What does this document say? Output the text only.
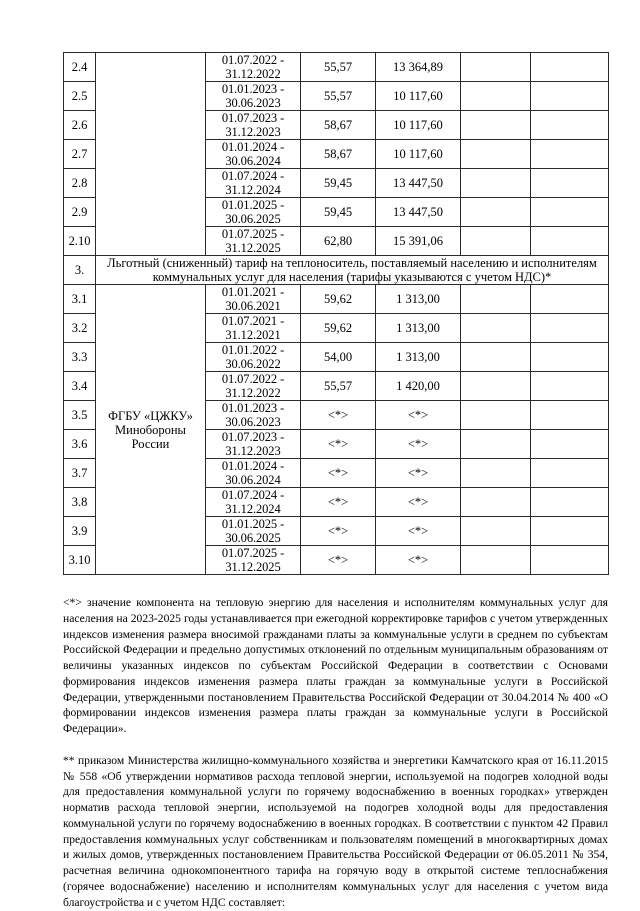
2.4		01.07.2022 -
31.12.2022	55,57	13 364,89		
2.5		01.01.2023 -
30.06.2023	55,57	10 117,60		
2.6		01.07.2023 -
31.12.2023	58,67	10 117,60		
2.7		01.01.2024 -
30.06.2024	58,67	10 117,60		
2.8		01.07.2024 -
31.12.2024	59,45	13 447,50		
2.9		01.01.2025 -
30.06.2025	59,45	13 447,50		
2.10		01.07.2025 -
31.12.2025	62,80	15 391,06		
3.	Льготный (сниженный) тариф на теплоноситель, поставляемый населению и исполнителям коммунальных услуг для населения (тарифы указываются с учетом НДС)*					
3.1	ФГБУ «ЦЖКУ» Минобороны России	01.01.2021 -
30.06.2021	59,62	1 313,00		
3.2		01.07.2021 -
31.12.2021	59,62	1 313,00		
3.3		01.01.2022 -
30.06.2022	54,00	1 313,00		
3.4		01.07.2022 -
31.12.2022	55,57	1 420,00		
3.5		01.01.2023 -
30.06.2023	<*>	<*>		
3.6		01.07.2023 -
31.12.2023	<*>	<*>		
3.7		01.01.2024 -
30.06.2024	<*>	<*>		
3.8		01.07.2024 -
31.12.2024	<*>	<*>		
3.9		01.01.2025 -
30.06.2025	<*>	<*>		
3.10		01.07.2025 -
31.12.2025	<*>	<*>		

<*> значение компонента на тепловую энергию для населения и исполнителям коммунальных услуг для населения на 2023-2025 годы устанавливается при ежегодной корректировке тарифов с учетом утвержденных индексов изменения размера вносимой гражданами платы за коммунальные услуги в среднем по субъектам Российской Федерации и предельно допустимых отклонений по отдельным муниципальным образованиям от величины указанных индексов по субъектам Российской Федерации в соответствии с Основами формирования индексов изменения размера платы граждан за коммунальные услуги в Российской Федерации, утвержденными постановлением Правительства Российской Федерации от 30.04.2014 № 400 «О формировании индексов изменения размера платы граждан за коммунальные услуги в Российской Федерации».

** приказом Министерства жилищно-коммунального хозяйства и энергетики Камчатского края от 16.11.2015 № 558 «Об утверждении нормативов расхода тепловой энергии, используемой на подогрев холодной воды для предоставления коммунальной услуги по горячему водоснабжению в военных городках» утвержден норматив расхода тепловой энергии, используемой на подогрев холодной воды для предоставления коммунальной услуги по горячему водоснабжению в военных городках. В соответствии с пунктом 42 Правил предоставления коммунальных услуг собственникам и пользователям помещений в многоквартирных домах и жилых домов, утвержденных постановлением Правительства Российской Федерации от 06.05.2011 № 354, расчетная величина однокомпонентного тарифа на горячую воду в открытой системе теплоснабжения (горячее водоснабжение) населению и исполнителям коммунальных услуг для населения с учетом вида благоустройства и с учетом НДС составляет:
